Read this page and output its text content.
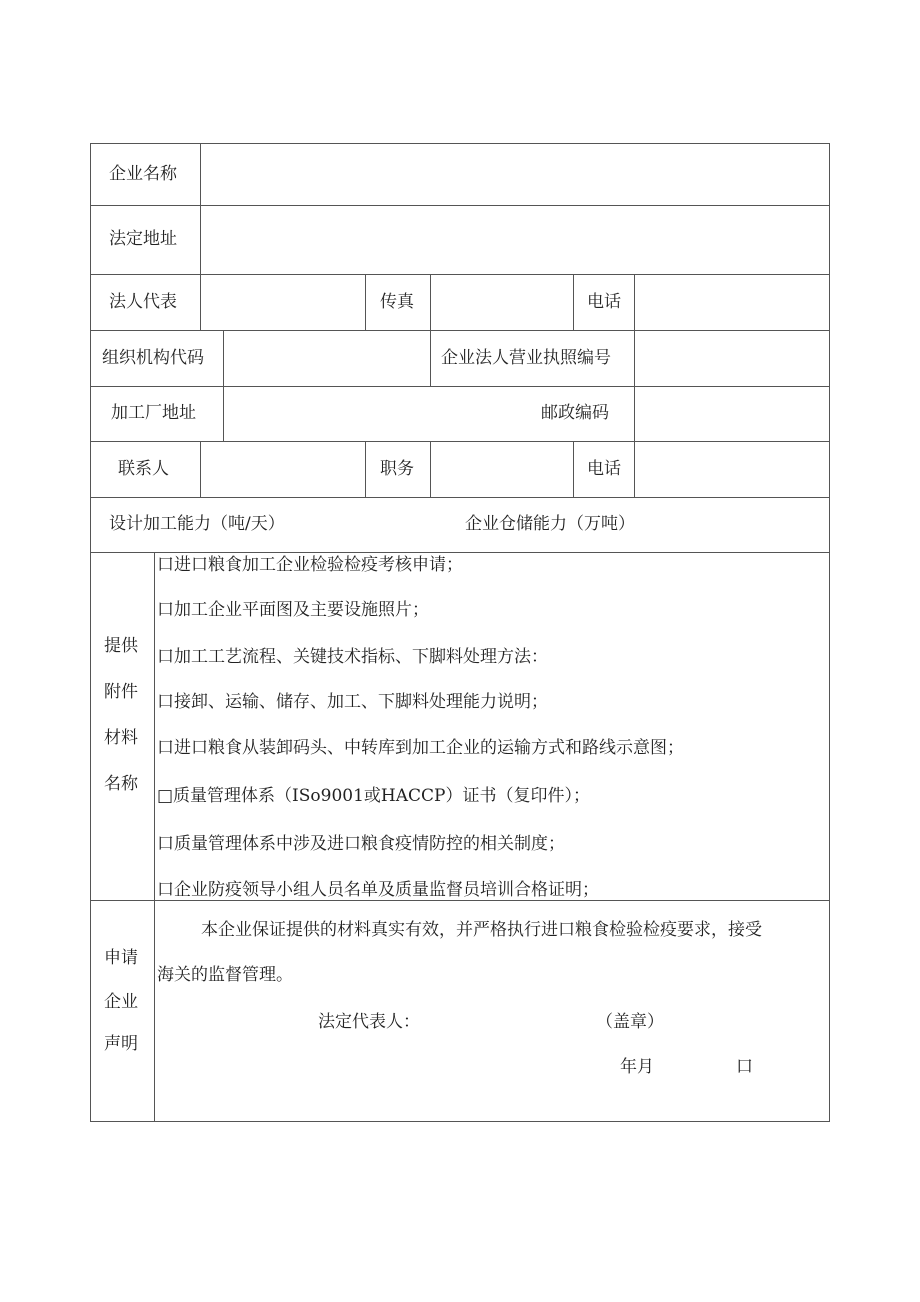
企业名称
法定地址
法人代表	传真	电话
组织机构代码	企业法人营业执照编号
加工厂地址	邮政编码
联系人	职务	电话
设计加工能力（吨/天）	企业仓储能力（万吨）
提供
附件
材料
名称
口进口粮食加工企业检验检疫考核申请；
口加工企业平面图及主要设施照片；
口加工工艺流程、关键技术指标、下脚料处理方法：
口接卸、运输、储存、加工、下脚料处理能力说明；
口进口粮食从装卸码头、中转库到加工企业的运输方式和路线示意图；
□质量管理体系（ISo9001或HACCP）证书（复印件）；
口质量管理体系中涉及进口粮食疫情防控的相关制度；
口企业防疫领导小组人员名单及质量监督员培训合格证明；
申请
企业
声明
本企业保证提供的材料真实有效，并严格执行进口粮食检验检疫要求，接受
海关的监督管理。
法定代表人：	（盖章）
年月	口
